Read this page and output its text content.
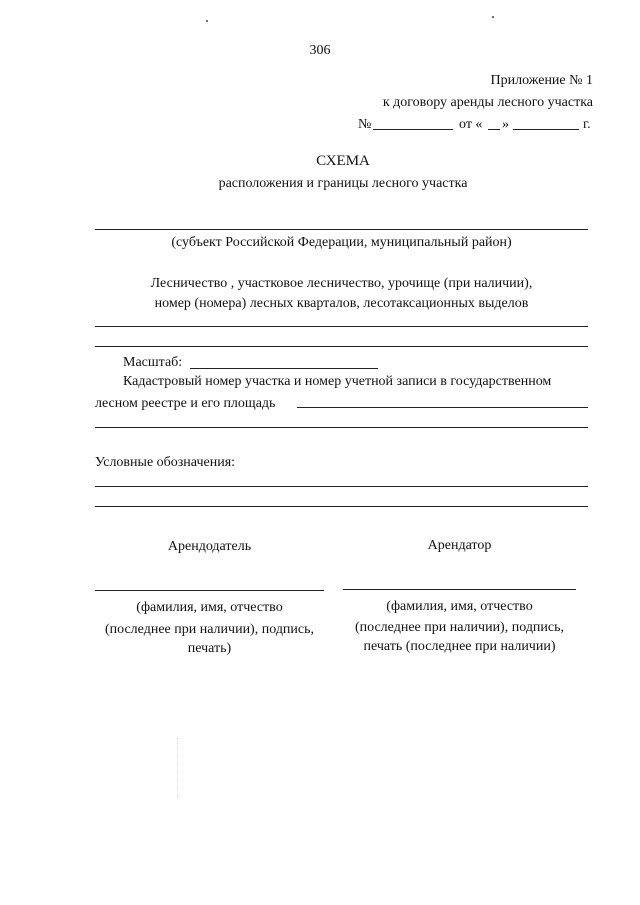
306
Приложение № 1
к договору аренды лесного участка
№	от « »	г.
СХЕМА
расположения и границы лесного участка
(субъект Российской Федерации, муниципальный район)
Лесничество , участковое лесничество, урочище (при наличии),
номер (номера) лесных кварталов, лесотаксационных выделов
Масштаб:
Кадастровый номер участка и номер учетной записи в государственном
лесном реестре и его площадь
Условные обозначения:
Арендодатель	Арендатор
(фамилия, имя, отчество
(последнее при наличии), подпись,
печать)
(фамилия, имя, отчество
(последнее при наличии), подпись,
печать (последнее при наличии)
